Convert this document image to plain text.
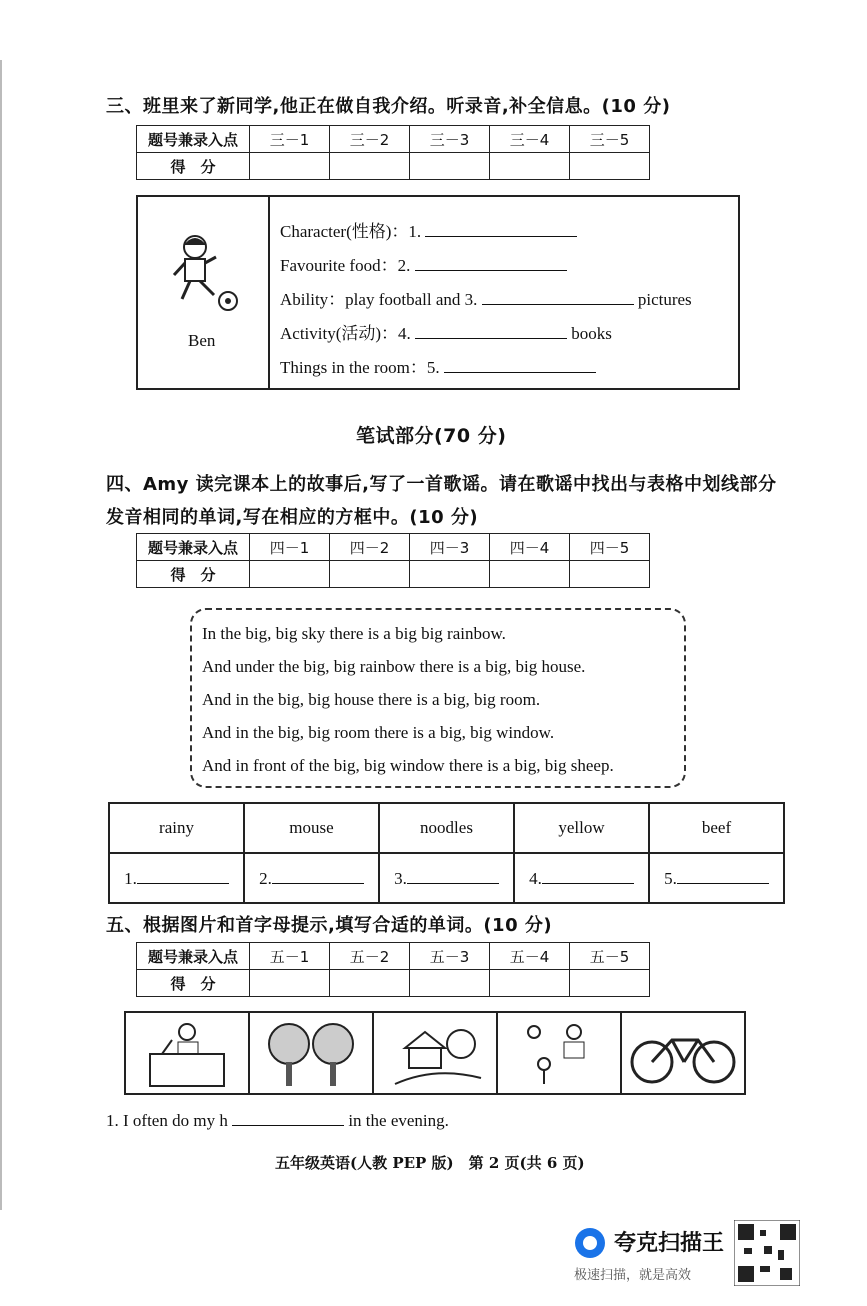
三、班里来了新同学,他正在做自我介绍。听录音,补全信息。(10 分)
题号兼录入点	三－1	三－2	三－3	三－4	三－5
得　分					
Ben
Character(性格)：1.
Favourite food：2.
Ability：play football and 3.	pictures
Activity(活动)：4.	books
Things in the room：5.
笔试部分(70 分)
四、Amy 读完课本上的故事后,写了一首歌谣。请在歌谣中找出与表格中划线部分
发音相同的单词,写在相应的方框中。(10 分)
题号兼录入点	四－1	四－2	四－3	四－4	四－5
得　分					
In the big, big sky there is a big big rainbow.
And under the big, big rainbow there is a big, big house.
And in the big, big house there is a big, big room.
And in the big, big room there is a big, big window.
And in front of the big, big window there is a big, big sheep.
rainy	mouse	noodles	yellow	beef
1.	2.	3.	4.	5.
五、根据图片和首字母提示,填写合适的单词。(10 分)
题号兼录入点	五－1	五－2	五－3	五－4	五－5
得　分					
1. I often do my h	in the evening.
五年级英语(人教 PEP 版)　第 2 页(共 6 页)
夸克扫描王
极速扫描，就是高效
